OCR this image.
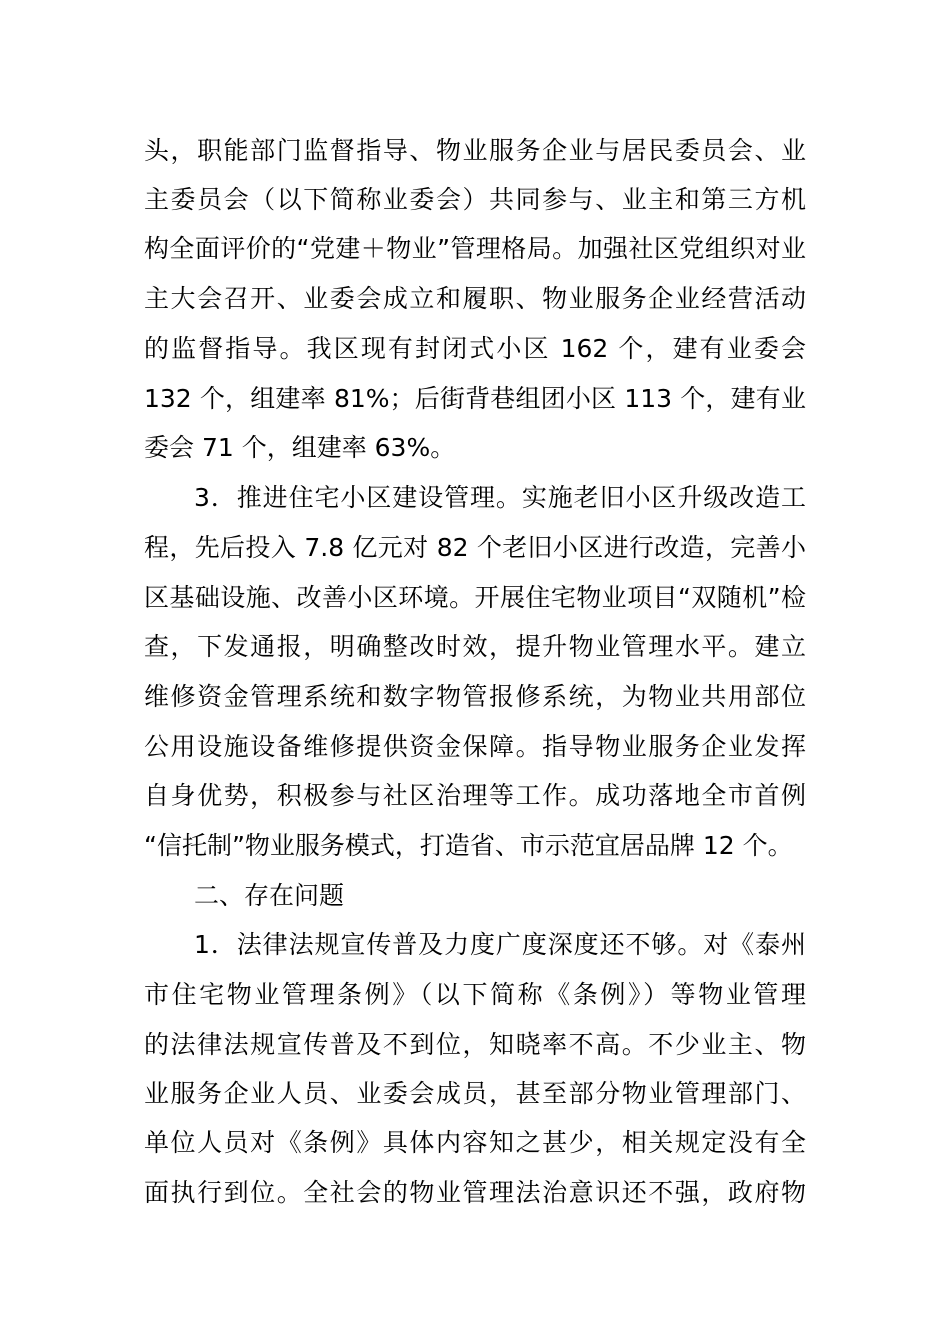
头，职能部门监督指导、物业服务企业与居民委员会、业
主委员会（以下简称业委会）共同参与、业主和第三方机
构全面评价的“党建＋物业”管理格局。加强社区党组织对业
主大会召开、业委会成立和履职、物业服务企业经营活动
的监督指导。我区现有封闭式小区 162 个，建有业委会
132 个，组建率 81%；后街背巷组团小区 113 个，建有业
委会 71 个，组建率 63%。
3．推进住宅小区建设管理。实施老旧小区升级改造工
程，先后投入 7.8 亿元对 82 个老旧小区进行改造，完善小
区基础设施、改善小区环境。开展住宅物业项目“双随机”检
查，下发通报，明确整改时效，提升物业管理水平。建立
维修资金管理系统和数字物管报修系统，为物业共用部位
公用设施设备维修提供资金保障。指导物业服务企业发挥
自身优势，积极参与社区治理等工作。成功落地全市首例
“信托制”物业服务模式，打造省、市示范宜居品牌 12 个。
二、存在问题
1．法律法规宣传普及力度广度深度还不够。对《泰州
市住宅物业管理条例》（以下简称《条例》）等物业管理
的法律法规宣传普及不到位，知晓率不高。不少业主、物
业服务企业人员、业委会成员，甚至部分物业管理部门、
单位人员对《条例》具体内容知之甚少，相关规定没有全
面执行到位。全社会的物业管理法治意识还不强，政府物
